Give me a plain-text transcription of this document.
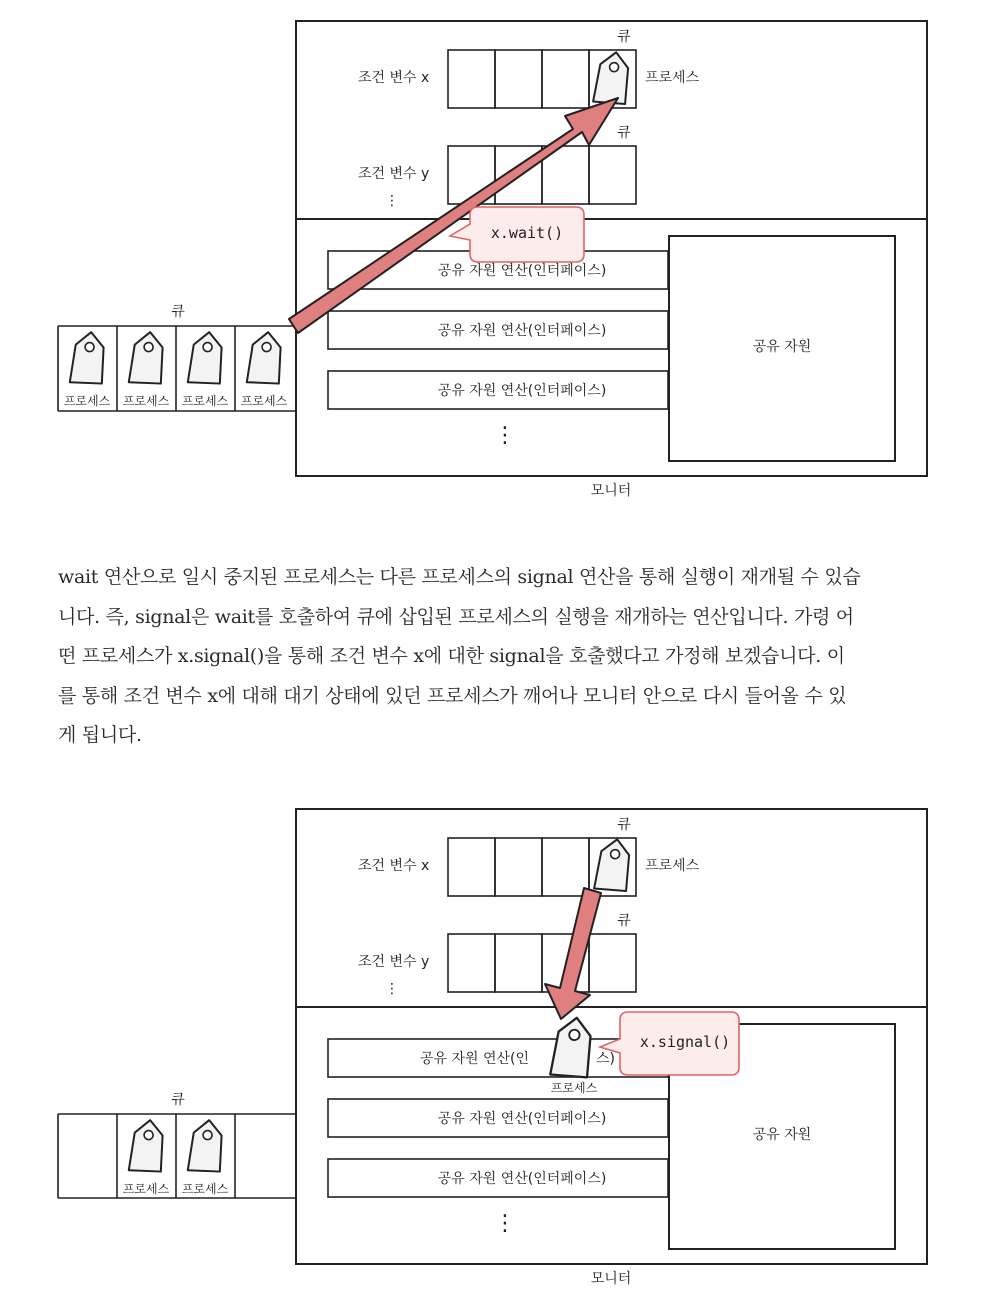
큐
조건 변수 x	프로세스
큐
조건 변수 y
⋮
공유 자원 연산(인터페이스)
공유 자원 연산(인터페이스)
공유 자원 연산(인터페이스)
⋮
공유 자원
모니터
큐
프로세스 프로세스 프로세스 프로세스
x.wait()
wait 연산으로 일시 중지된 프로세스는 다른 프로세스의 signal 연산을 통해 실행이 재개될 수 있습
니다. 즉, signal은 wait를 호출하여 큐에 삽입된 프로세스의 실행을 재개하는 연산입니다. 가령 어
떤 프로세스가 x.signal()을 통해 조건 변수 x에 대한 signal을 호출했다고 가정해 보겠습니다. 이
를 통해 조건 변수 x에 대해 대기 상태에 있던 프로세스가 깨어나 모니터 안으로 다시 들어올 수 있
게 됩니다.
큐
조건 변수 x	프로세스
큐
조건 변수 y
⋮
공유 자원 연산(인	스)
공유 자원 연산(인터페이스)
공유 자원 연산(인터페이스)
⋮
공유 자원
모니터
큐
프로세스 프로세스
프로세스
x.signal()
